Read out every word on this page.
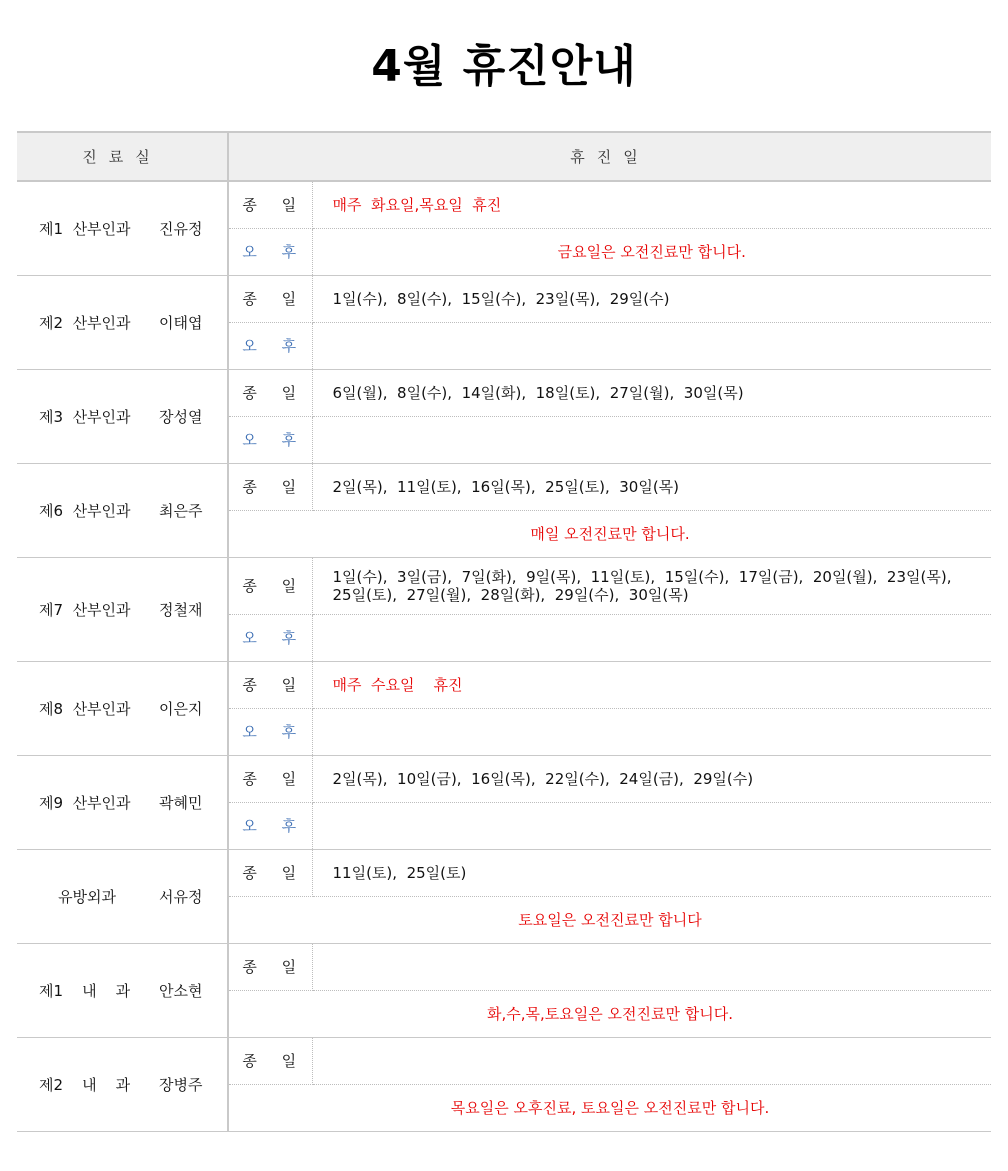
4월 휴진안내
진료실	휴진일	

제1  산부인과 진유정	종 일	매주  화요일,목요일  휴진
	오 후	금요일은 오전진료만 합니다.

제2  산부인과 이태엽	종 일	1일(수),  8일(수),  15일(수),  23일(목),  29일(수)
	오 후	

제3  산부인과 장성열	종 일	6일(월),  8일(수),  14일(화),  18일(토),  27일(월),  30일(목)
	오 후	

제6  산부인과 최은주	종 일	2일(목),  11일(토),  16일(목),  25일(토),  30일(목)
	매일 오전진료만 합니다.	

제7  산부인과 정철재	종 일	1일(수),  3일(금),  7일(화),  9일(목),  11일(토),  15일(수),  17일(금),  20일(월),  23일(목),
25일(토),  27일(월),  28일(화),  29일(수),  30일(목)
	오 후	

제8  산부인과 이은지	종 일	매주  수요일    휴진
	오 후	

제9  산부인과 곽혜민	종 일	2일(목),  10일(금),  16일(목),  22일(수),  24일(금),  29일(수)
	오 후	

유방외과 서유정	종 일	11일(토),  25일(토)
	토요일은 오전진료만 합니다	

제1    내    과 안소현	종 일	
	화,수,목,토요일은 오전진료만 합니다.	

제2    내    과 장병주	종 일	
	목요일은 오후진료, 토요일은 오전진료만 합니다.	
